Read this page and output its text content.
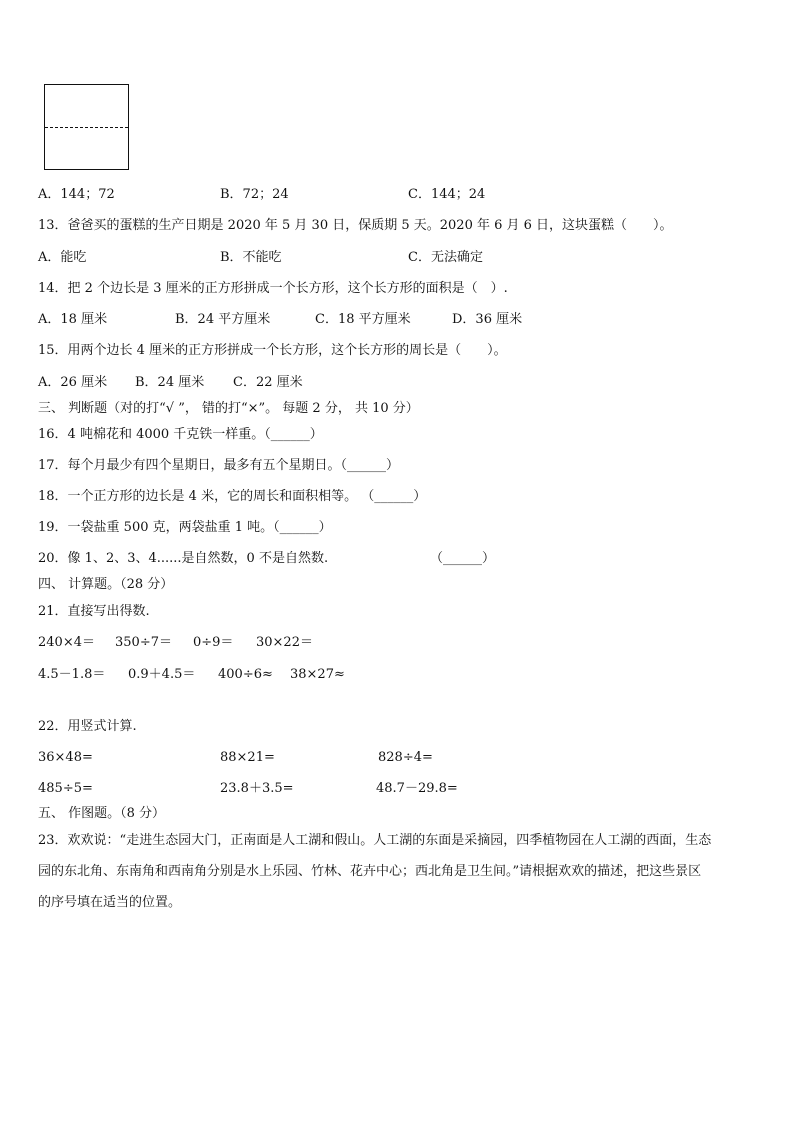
A．144；72	B．72；24	C．144；24
13．爸爸买的蛋糕的生产日期是 2020 年 5 月 30 日，保质期 5 天。2020 年 6 月 6 日，这块蛋糕（　　）。
A．能吃	B．不能吃	C．无法确定
14．把 2 个边长是 3 厘米的正方形拼成一个长方形，这个长方形的面积是（　）.
A．18 厘米	B．24 平方厘米	C．18 平方厘米	D．36 厘米
15．用两个边长 4 厘米的正方形拼成一个长方形，这个长方形的周长是（　　）。
A．26 厘米 B．24 厘米 C．22 厘米
三、 判断题（对的打“√ ”， 错的打“×”。 每题 2 分， 共 10 分）
16．4 吨棉花和 4000 千克铁一样重。（______）
17．每个月最少有四个星期日，最多有五个星期日。（______）
18．一个正方形的边长是 4 米，它的周长和面积相等。 （______）
19．一袋盐重 500 克，两袋盐重 1 吨。（______）
20．像 1、2、3、4......是自然数，0 不是自然数.	（______）
四、 计算题。（28 分）
21．直接写出得数.
240×4＝ 350÷7＝ 0÷9＝ 30×22＝
4.5－1.8＝ 0.9＋4.5＝ 400÷6≈ 38×27≈
22．用竖式计算.
36×48=	88×21=	828÷4=
485÷5=	23.8＋3.5=	48.7－29.8=
五、 作图题。（8 分）
23．欢欢说：“走进生态园大门，正南面是人工湖和假山。人工湖的东面是采摘园，四季植物园在人工湖的西面，生态
园的东北角、东南角和西南角分别是水上乐园、竹林、花卉中心；西北角是卫生间。”请根据欢欢的描述，把这些景区
的序号填在适当的位置。
